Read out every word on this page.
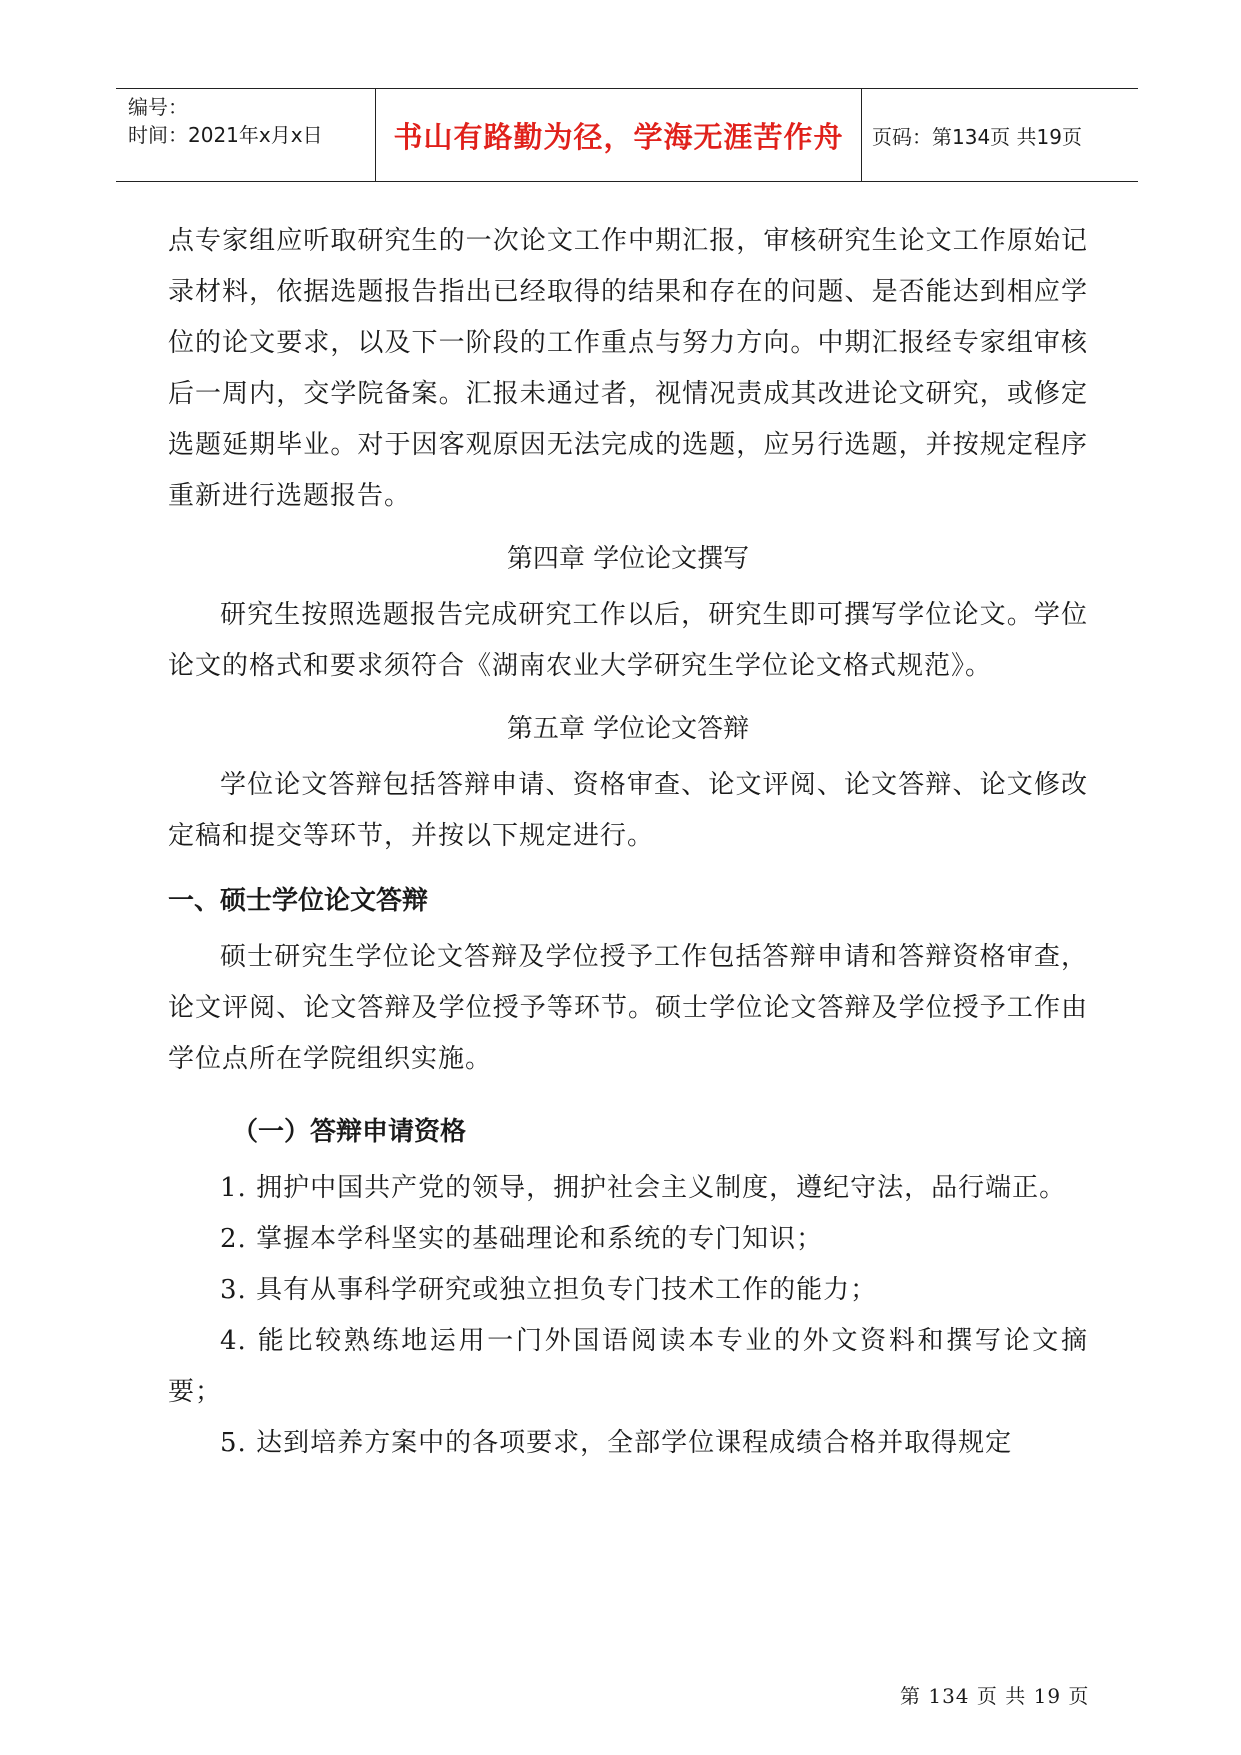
编号：
时间：2021年x月x日	书山有路勤为径，学海无涯苦作舟	页码：第134页 共19页

点专家组应听取研究生的一次论文工作中期汇报，审核研究生论文工作原始记录材料，依据选题报告指出已经取得的结果和存在的问题、是否能达到相应学位的论文要求，以及下一阶段的工作重点与努力方向。中期汇报经专家组审核后一周内，交学院备案。汇报未通过者，视情况责成其改进论文研究，或修定选题延期毕业。对于因客观原因无法完成的选题，应另行选题，并按规定程序重新进行选题报告。

第四章 学位论文撰写

研究生按照选题报告完成研究工作以后，研究生即可撰写学位论文。学位论文的格式和要求须符合《湖南农业大学研究生学位论文格式规范》。

第五章 学位论文答辩

学位论文答辩包括答辩申请、资格审查、论文评阅、论文答辩、论文修改定稿和提交等环节，并按以下规定进行。

一、硕士学位论文答辩

硕士研究生学位论文答辩及学位授予工作包括答辩申请和答辩资格审查，论文评阅、论文答辩及学位授予等环节。硕士学位论文答辩及学位授予工作由学位点所在学院组织实施。

（一）答辩申请资格

1. 拥护中国共产党的领导，拥护社会主义制度，遵纪守法，品行端正。

2. 掌握本学科坚实的基础理论和系统的专门知识；

3. 具有从事科学研究或独立担负专门技术工作的能力；

4. 能比较熟练地运用一门外国语阅读本专业的外文资料和撰写论文摘要；

5. 达到培养方案中的各项要求，全部学位课程成绩合格并取得规定

第 134 页 共 19 页
